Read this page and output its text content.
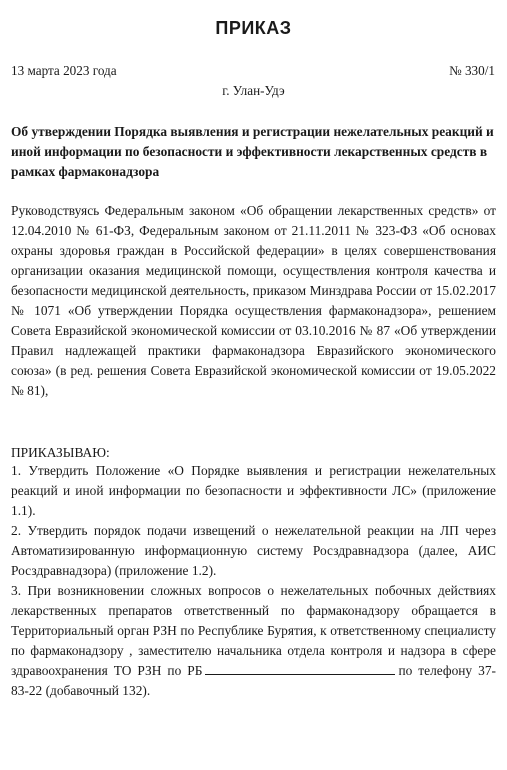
ПРИКАЗ
13 марта 2023 года	№ 330/1
г. Улан-Удэ
Об утверждении Порядка выявления и регистрации нежелательных реакций и иной информации по безопасности и эффективности лекарственных средств в рамках фармаконадзора
Руководствуясь Федеральным законом «Об обращении лекарственных средств» от 12.04.2010 № 61-ФЗ, Федеральным законом от 21.11.2011 № 323-ФЗ «Об основах охраны здоровья граждан в Российской федерации» в целях совершенствования организации оказания медицинской помощи, осуществления контроля качества и безопасности медицинской деятельность, приказом Минздрава России от 15.02.2017 № 1071 «Об утверждении Порядка осуществления фармаконадзора», решением Совета Евразийской экономической комиссии от 03.10.2016 № 87 «Об утверждении Правил надлежащей практики фармаконадзора Евразийского экономического союза» (в ред. решения Совета Евразийской экономической комиссии от 19.05.2022 № 81),
ПРИКАЗЫВАЮ:

1. Утвердить Положение «О Порядке выявления и регистрации нежелательных реакций и иной информации по безопасности и эффективности ЛС» (приложение 1.1).

2. Утвердить порядок подачи извещений о нежелательной реакции на ЛП через Автоматизированную информационную систему Росздравнадзора (далее, АИС Росздравнадзора) (приложение 1.2).

3. При возникновении сложных вопросов о нежелательных побочных действиях лекарственных препаратов ответственный по фармаконадзору обращается в Территориальный орган РЗН по Республике Бурятия, к ответственному специалисту по фармаконадзору , заместителю начальника отдела контроля и надзора в сфере здравоохранения ТО РЗН по РБ	по телефону 37-83-22 (добавочный 132).
